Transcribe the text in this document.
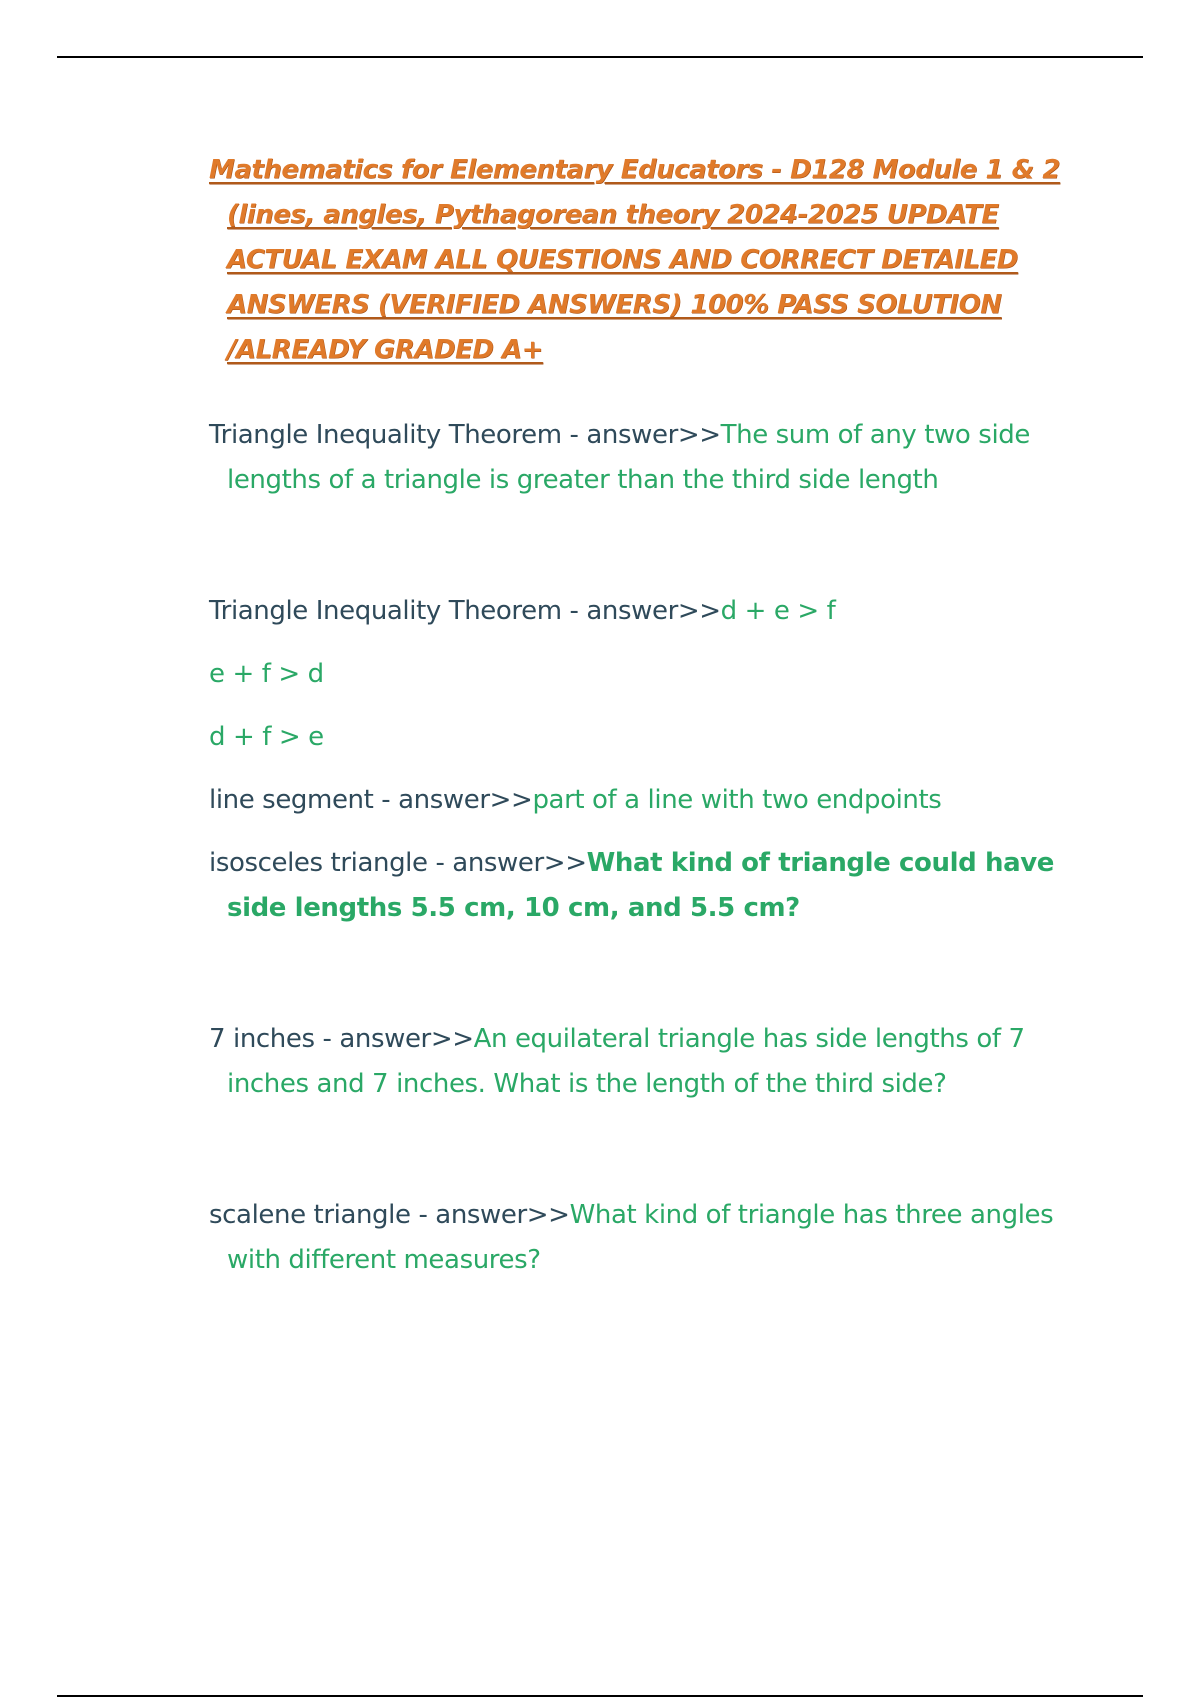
Mathematics for Elementary Educators - D128 Module 1 & 2 (lines, angles, Pythagorean theory 2024-2025 UPDATE ACTUAL EXAM ALL QUESTIONS AND CORRECT DETAILED ANSWERS (VERIFIED ANSWERS) 100% PASS SOLUTION /ALREADY GRADED A+
Triangle Inequality Theorem - answer>>The sum of any two side lengths of a triangle is greater than the third side length
Triangle Inequality Theorem - answer>>d + e > f
e + f > d
d + f > e
line segment - answer>>part of a line with two endpoints
isosceles triangle - answer>>What kind of triangle could have side lengths 5.5 cm, 10 cm, and 5.5 cm?
7 inches - answer>>An equilateral triangle has side lengths of 7 inches and 7 inches. What is the length of the third side?
scalene triangle - answer>>What kind of triangle has three angles with different measures?
